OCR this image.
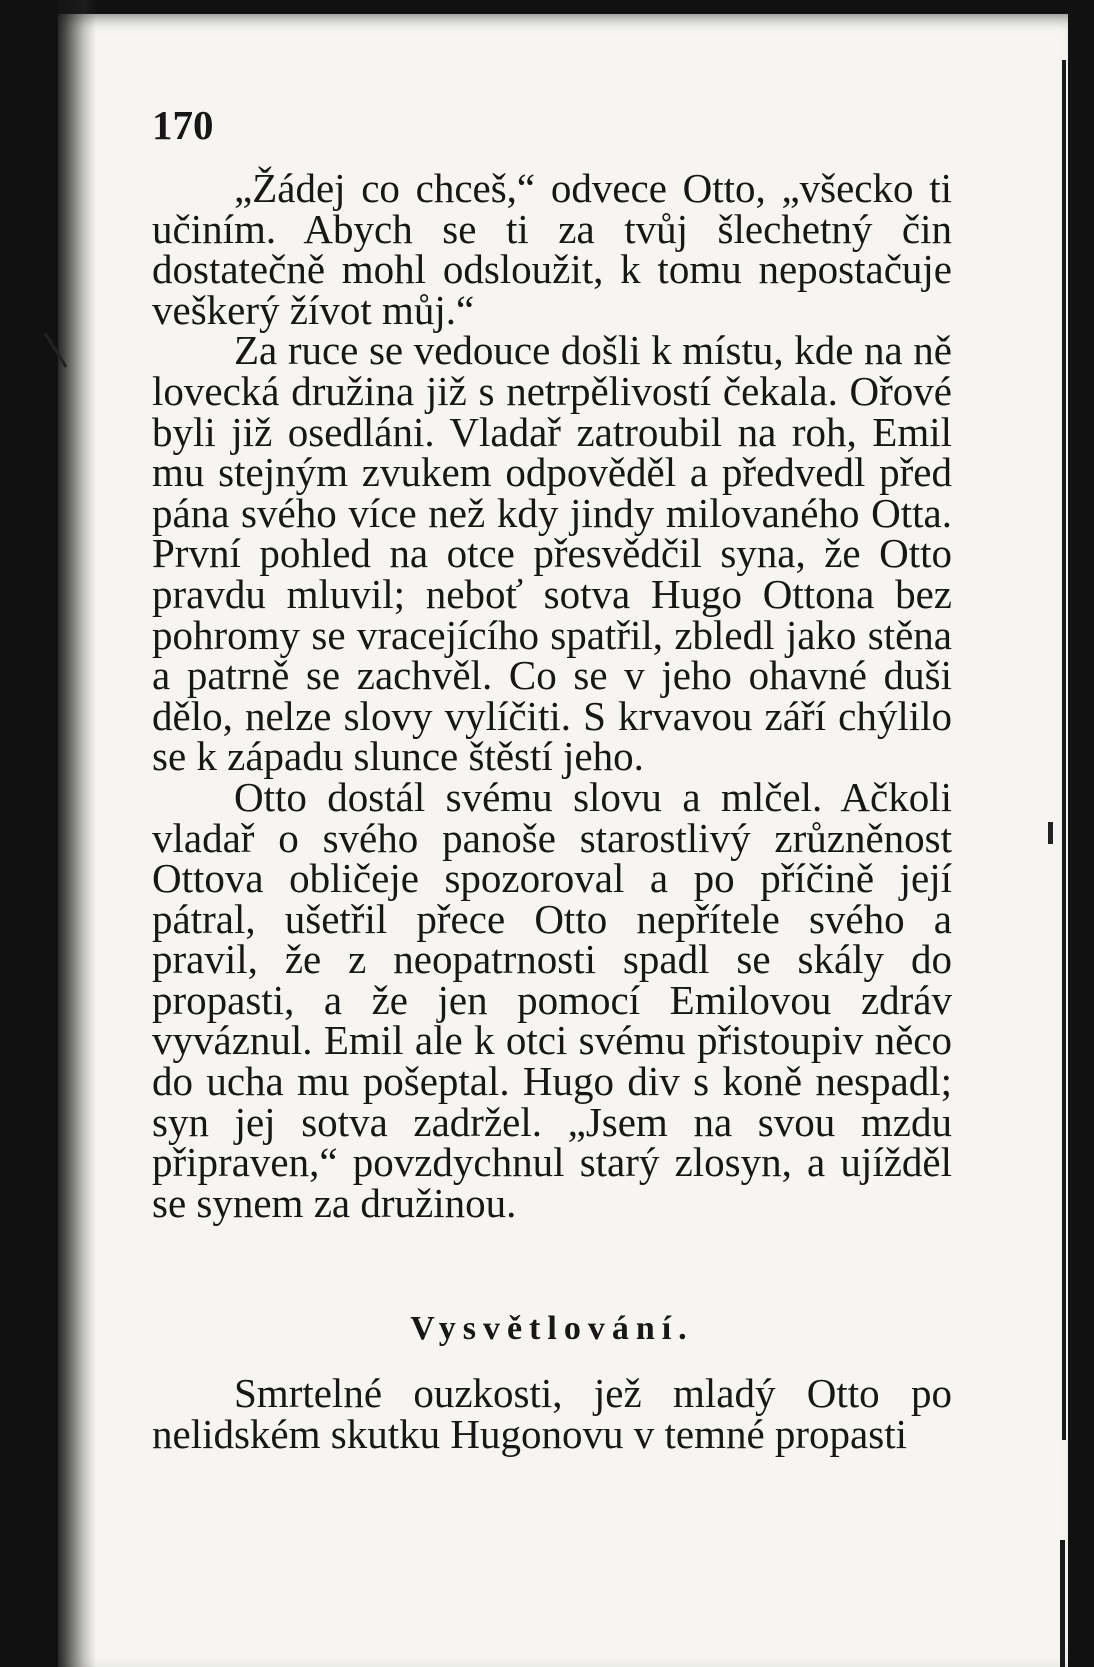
170

„Žádej co chceš,“ odvece Otto, „všecko ti učiním. Abych se ti za tvůj šlechetný čin dostatečně mohl odsloužit, k tomu nepostačuje veškerý žívot můj.“

Za ruce se vedouce došli k místu, kde na ně lovecká družina již s netrpělivostí čekala. Ořové byli již osedláni. Vladař zatroubil na roh, Emil mu stejným zvukem odpověděl a předvedl před pána svého více než kdy jindy milovaného Otta. První pohled na otce přesvědčil syna, že Otto pravdu mluvil; neboť sotva Hugo Ottona bez pohromy se vracejícího spatřil, zbledl jako stěna a patrně se zachvěl. Co se v jeho ohavné duši dělo, nelze slovy vylíčiti. S krvavou září chýlilo se k západu slunce štěstí jeho.

Otto dostál svému slovu a mlčel. Ačkoli vladař o svého panoše starostlivý zrůzněnost Ottova obličeje spozoroval a po příčině její pátral, ušetřil přece Otto nepřítele svého a pravil, že z neopatrnosti spadl se skály do propasti, a že jen pomocí Emilovou zdráv vyváznul. Emil ale k otci svému přistoupiv něco do ucha mu pošeptal. Hugo div s koně nespadl; syn jej sotva zadržel. „Jsem na svou mzdu připraven,“ povzdychnul starý zlosyn, a ujížděl se synem za družinou.

Vysvětlování.

Smrtelné ouzkosti, jež mladý Otto po nelidském skutku Hugonovu v temné propasti
